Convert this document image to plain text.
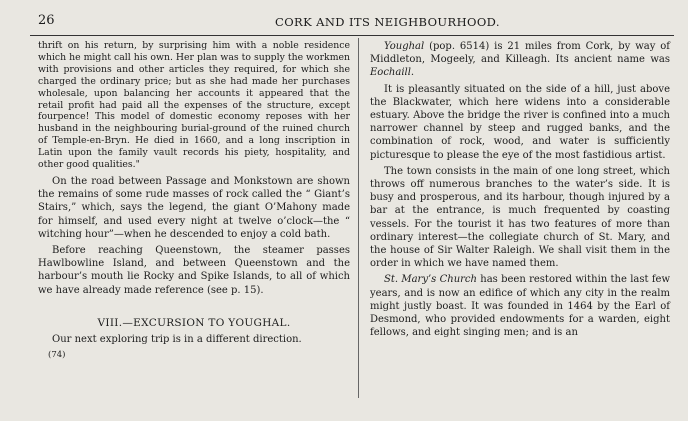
26	CORK AND ITS NEIGHBOURHOOD.

thrift on his return, by surprising him with a noble residence which he might call his own. Her plan was to supply the workmen with provisions and other articles they required, for which she charged the ordinary price; but as she had made her purchases wholesale, upon balancing her accounts it appeared that the retail profit had paid all the expenses of the structure, except fourpence! This model of domestic economy reposes with her husband in the neighbouring burial-ground of the ruined church of Temple-en-Bryn. He died in 1660, and a long inscription in Latin upon the family vault records his piety, hospitality, and other good qualities."

On the road between Passage and Monkstown are shown the remains of some rude masses of rock called the “ Giant’s Stairs,” which, says the legend, the giant O’Mahony made for himself, and used every night at twelve o’clock—the “ witching hour”—when he descended to enjoy a cold bath.

Before reaching Queenstown, the steamer passes Hawlbowline Island, and between Queenstown and the harbour’s mouth lie Rocky and Spike Islands, to all of which we have already made reference (see p. 15).

VIII.—EXCURSION TO YOUGHAL.

Our next exploring trip is in a different direction.

(74)

Youghal (pop. 6514) is 21 miles from Cork, by way of Middleton, Mogeely, and Killeagh. Its ancient name was Eochaill.

It is pleasantly situated on the side of a hill, just above the Blackwater, which here widens into a considerable estuary. Above the bridge the river is confined into a much narrower channel by steep and rugged banks, and the combination of rock, wood, and water is sufficiently picturesque to please the eye of the most fastidious artist.

The town consists in the main of one long street, which throws off numerous branches to the water’s side. It is busy and prosperous, and its harbour, though injured by a bar at the entrance, is much frequented by coasting vessels. For the tourist it has two features of more than ordinary interest—the collegiate church of St. Mary, and the house of Sir Walter Raleigh. We shall visit them in the order in which we have named them.

St. Mary’s Church has been restored within the last few years, and is now an edifice of which any city in the realm might justly boast. It was founded in 1464 by the Earl of Desmond, who provided endowments for a warden, eight fellows, and eight singing men; and is an
